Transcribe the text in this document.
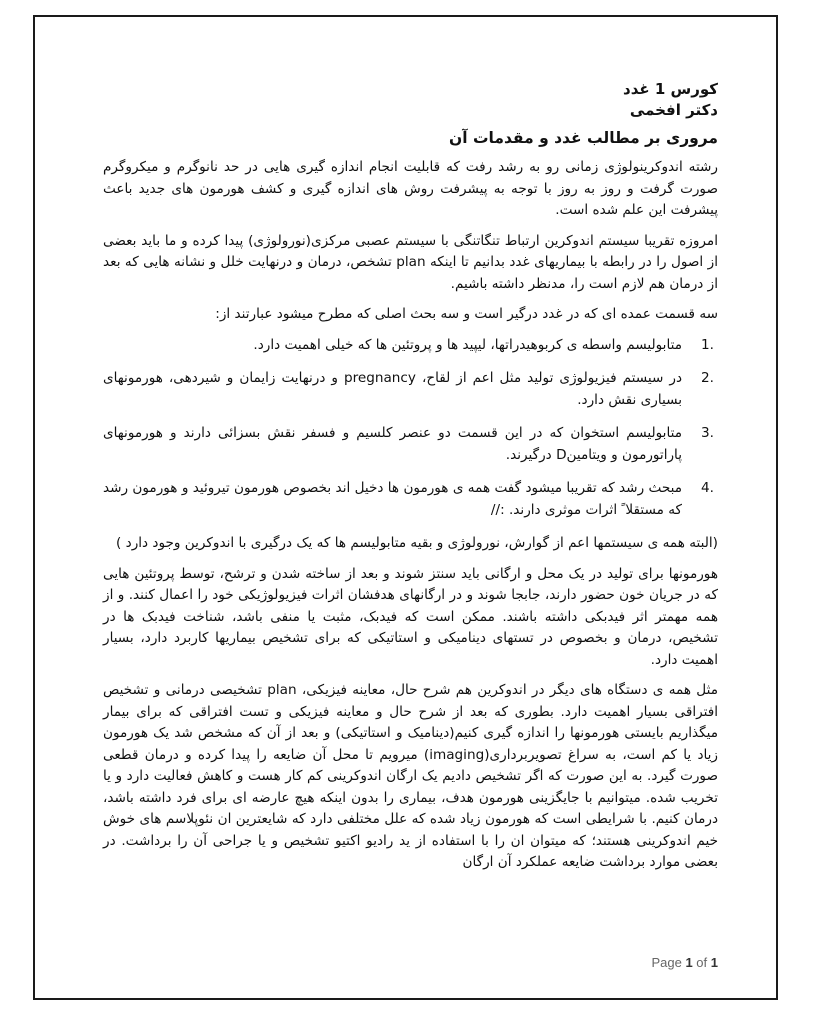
کورس 1 غدد
دکتر افخمی
مروری بر مطالب غدد و مقدمات آن

رشته اندوکرینولوژی زمانی رو به رشد رفت که قابلیت انجام اندازه گیری هایی در حد نانوگرم و میکروگرم صورت گرفت و روز به روز با توجه به پیشرفت روش های اندازه گیری و کشف هورمون های جدید باعث پیشرفت این علم شده است.

امروزه تقریبا سیستم اندوکرین ارتباط تنگاتنگی با سیستم عصبی مرکزی(نورولوژی) پیدا کرده و ما باید بعضی از اصول را در رابطه با بیماریهای غدد بدانیم تا اینکه plan تشخص، درمان و درنهایت خلل و نشانه هایی که بعد از درمان هم لازم است را، مدنظر داشته باشیم.

سه قسمت عمده ای که در غدد درگیر است و سه بحث اصلی که مطرح میشود عبارتند از:

1.
متابولیسم واسطه ی کربوهیدراتها، لیپید ها و پروتئین ها که خیلی اهمیت دارد.
2.
در سیستم فیزیولوژی تولید مثل اعم از لقاح، pregnancy و درنهایت زایمان و شیردهی، هورمونهای بسیاری نقش دارد.
3.
متابولیسم استخوان که در این قسمت دو عنصر کلسیم و فسفر نقش بسزائی دارند و هورمونهای پاراتورمون و ویتامینD درگیرند.
4.
مبحث رشد که تقریبا میشود گفت همه ی هورمون ها دخیل اند بخصوص هورمون تیروئید و هورمون رشد که مستقلا ً اثرات موثری دارند. ://

(البته همه ی سیستمها اعم از گوارش، نورولوژی و بقیه متابولیسم ها که یک درگیری با اندوکرین وجود دارد )

هورمونها برای تولید در یک محل و ارگانی باید سنتز شوند و بعد از ساخته شدن و ترشح، توسط پروتئین هایی که در جریان خون حضور دارند، جابجا شوند و در ارگانهای هدفشان اثرات فیزیولوژیکی خود را اعمال کنند. و از همه مهمتر اثر فیدبکی داشته باشند. ممکن است که فیدبک، مثبت یا منفی باشد، شناخت فیدبک ها در تشخیص، درمان و بخصوص در تستهای دینامیکی و استاتیکی که برای تشخیص بیماریها کاربرد دارد، بسیار اهمیت دارد.

مثل همه ی دستگاه های دیگر در اندوکرین هم شرح حال، معاینه فیزیکی، plan تشخیصی درمانی و تشخیص افتراقی بسیار اهمیت دارد. بطوری که بعد از شرح حال و معاینه فیزیکی و تست افتراقی که برای بیمار میگذاریم بایستی هورمونها را اندازه گیری کنیم(دینامیک و استاتیکی) و بعد از آن که مشخص شد یک هورمون زیاد یا کم است، به سراغ تصویربرداری(imaging) میرویم تا محل آن ضایعه را پیدا کرده و درمان قطعی صورت گیرد. به این صورت که اگر تشخیص دادیم یک ارگان اندوکرینی کم کار هست و کاهش فعالیت دارد و یا تخریب شده. میتوانیم با جایگزینی هورمون هدف، بیماری را بدون اینکه هیچ عارضه ای برای فرد داشته باشد، درمان کنیم. با شرایطی است که هورمون زیاد شده که علل مختلفی دارد که شایعترین ان نئوپلاسم های خوش خیم اندوکرینی هستند؛ که میتوان ان را با استفاده از ید رادیو اکتیو تشخیص و یا جراحی آن را برداشت. در بعضی موارد برداشت ضایعه عملکرد آن ارگان

Page 1 of 1
